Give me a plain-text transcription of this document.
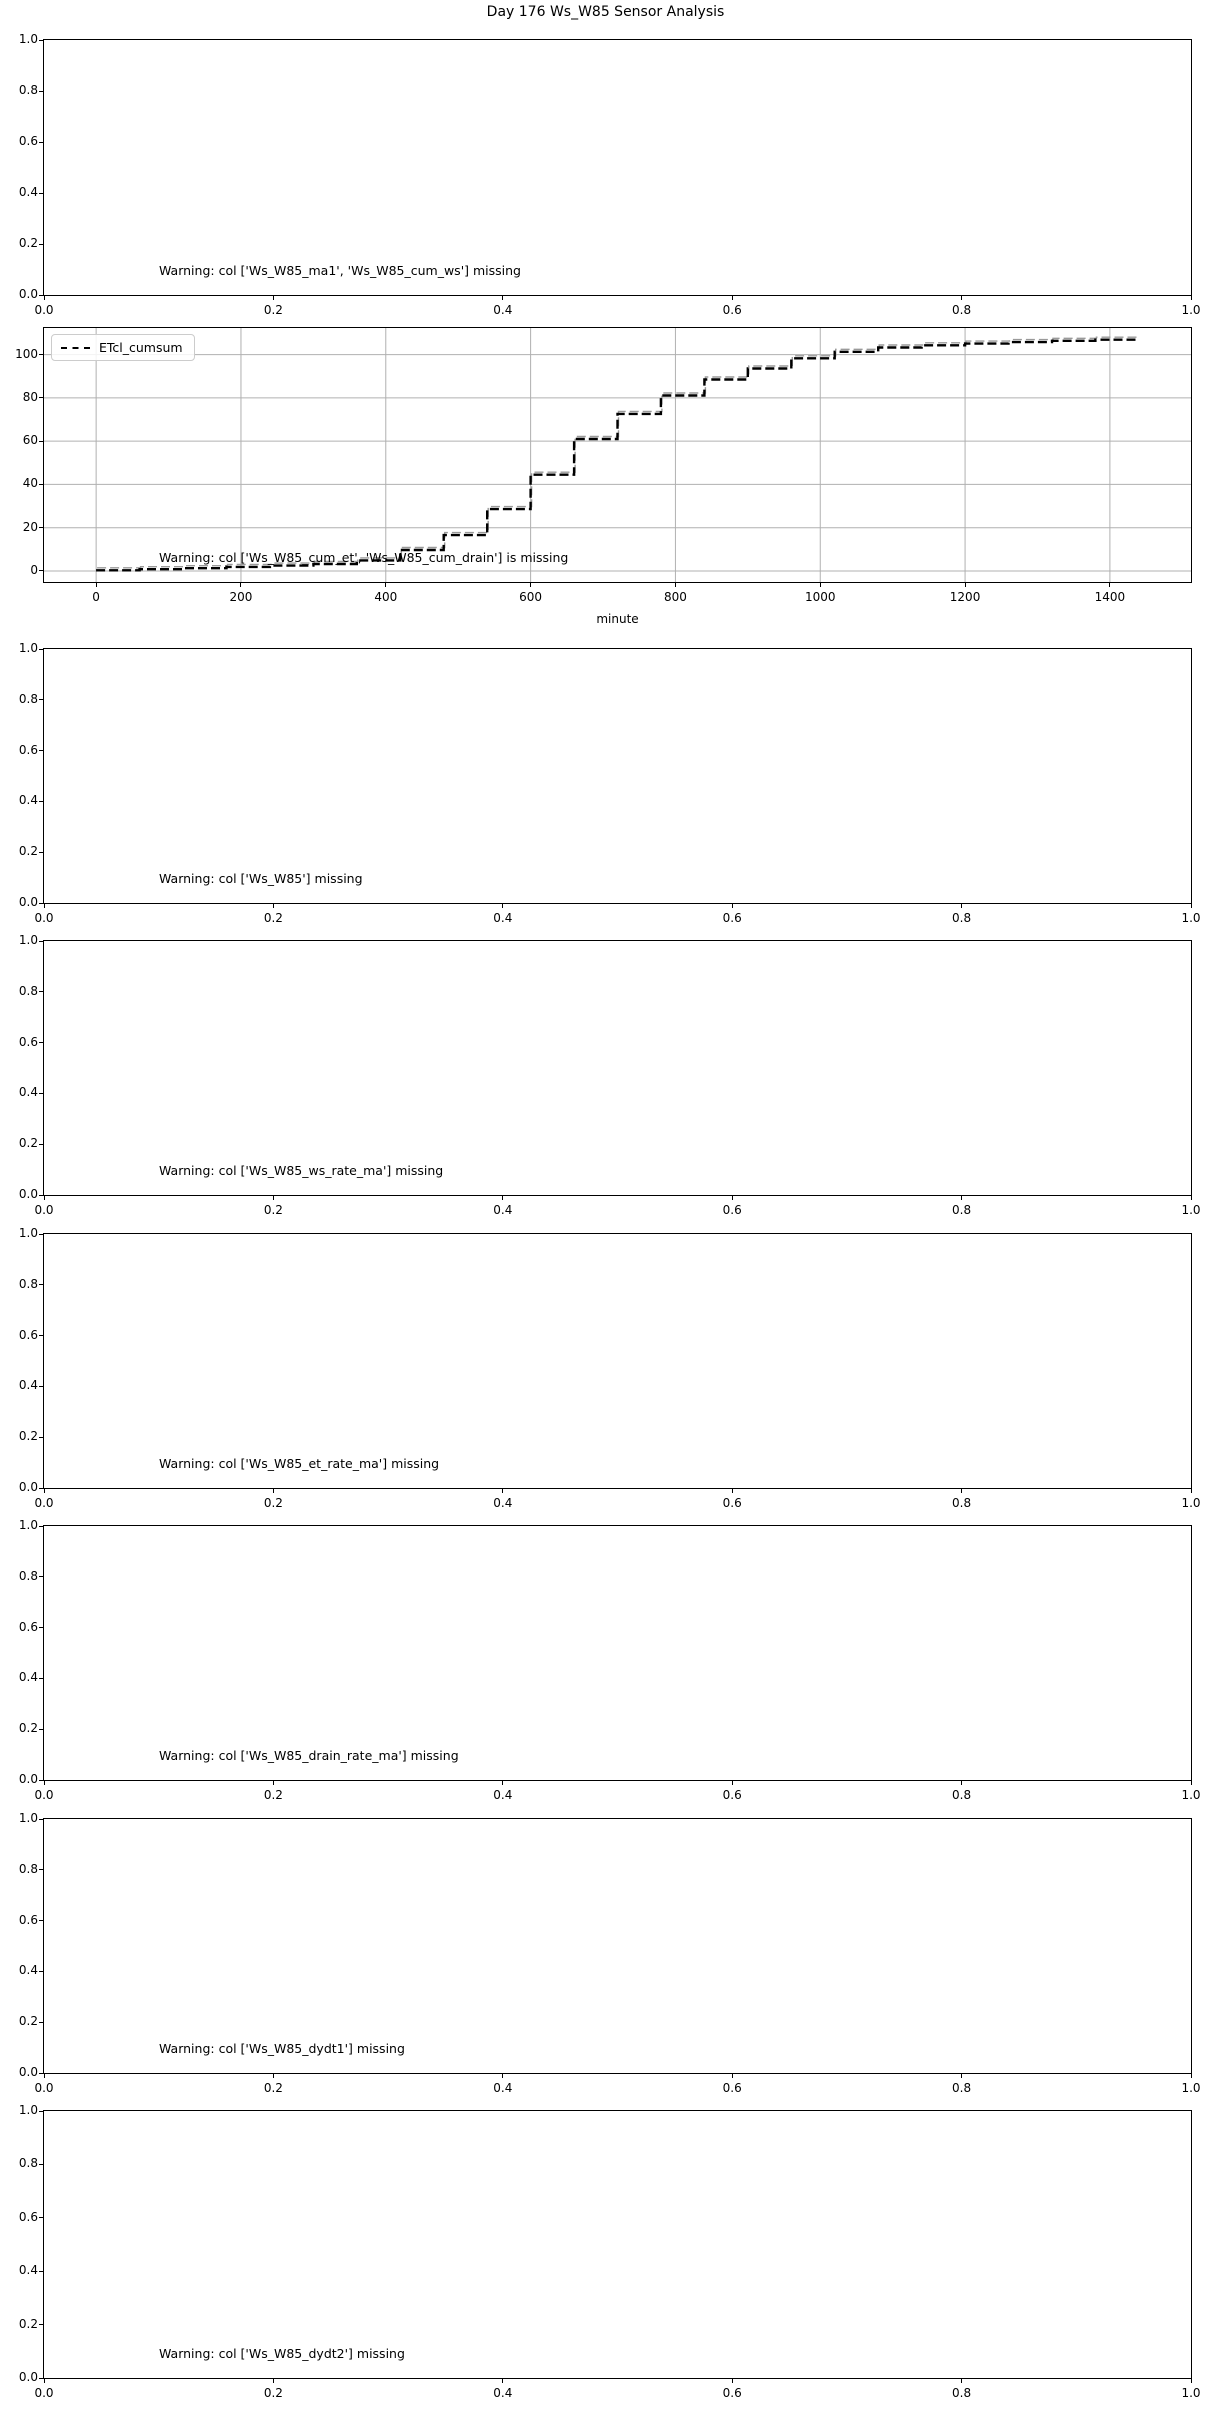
Day 176 Ws_W85 Sensor Analysis
0.0
0.0
0.2
0.2
0.4
0.4
0.6
0.6
0.8
0.8
1.0
1.0
Warning: col ['Ws_W85_ma1', 'Ws_W85_cum_ws'] missing
0
20
40
60
80
100
0	200	400	600	800	1000	1200	1400
minute
ETcl_cumsum
Warning: col ['Ws_W85_cum_et', 'Ws_W85_cum_drain'] is missing
0.0
0.0
0.2
0.2
0.4
0.4
0.6
0.6
0.8
0.8
1.0
1.0
Warning: col ['Ws_W85'] missing
0.0
0.0
0.2
0.2
0.4
0.4
0.6
0.6
0.8
0.8
1.0
1.0
Warning: col ['Ws_W85_ws_rate_ma'] missing
0.0
0.0
0.2
0.2
0.4
0.4
0.6
0.6
0.8
0.8
1.0
1.0
Warning: col ['Ws_W85_et_rate_ma'] missing
0.0
0.0
0.2
0.2
0.4
0.4
0.6
0.6
0.8
0.8
1.0
1.0
Warning: col ['Ws_W85_drain_rate_ma'] missing
0.0
0.0
0.2
0.2
0.4
0.4
0.6
0.6
0.8
0.8
1.0
1.0
Warning: col ['Ws_W85_dydt1'] missing
0.0
0.0
0.2
0.2
0.4
0.4
0.6
0.6
0.8
0.8
1.0
1.0
Warning: col ['Ws_W85_dydt2'] missing
